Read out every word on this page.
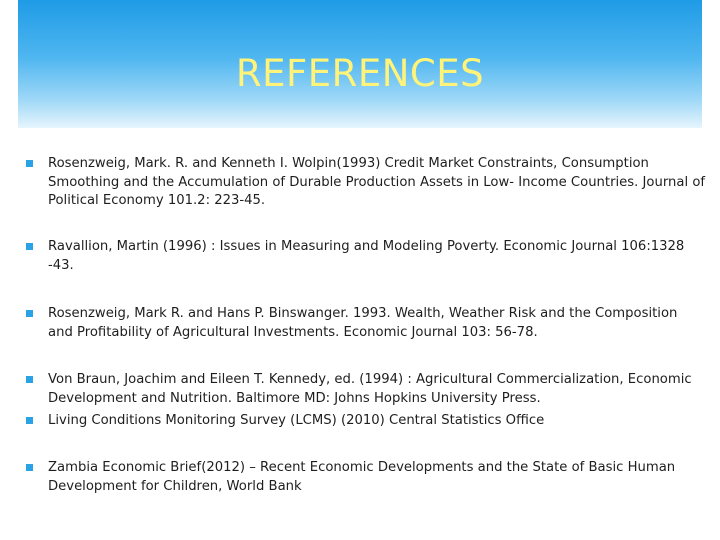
REFERENCES
Rosenzweig, Mark. R. and Kenneth I. Wolpin(1993) Credit Market Constraints, Consumption Smoothing and the Accumulation of Durable Production Assets in Low- Income Countries. Journal of Political Economy 101.2: 223-45.
Ravallion, Martin (1996) : Issues in Measuring and Modeling Poverty. Economic Journal 106:1328 -43.
Rosenzweig, Mark R. and Hans P. Binswanger. 1993. Wealth, Weather Risk and the Composition and Profitability of Agricultural Investments. Economic Journal 103: 56-78.
Von Braun, Joachim and Eileen T. Kennedy, ed. (1994) : Agricultural Commercialization, Economic Development and Nutrition. Baltimore MD: Johns Hopkins University Press.
Living Conditions Monitoring Survey (LCMS) (2010) Central Statistics Office
Zambia Economic Brief(2012) – Recent Economic Developments and the State of Basic Human Development for Children, World Bank
